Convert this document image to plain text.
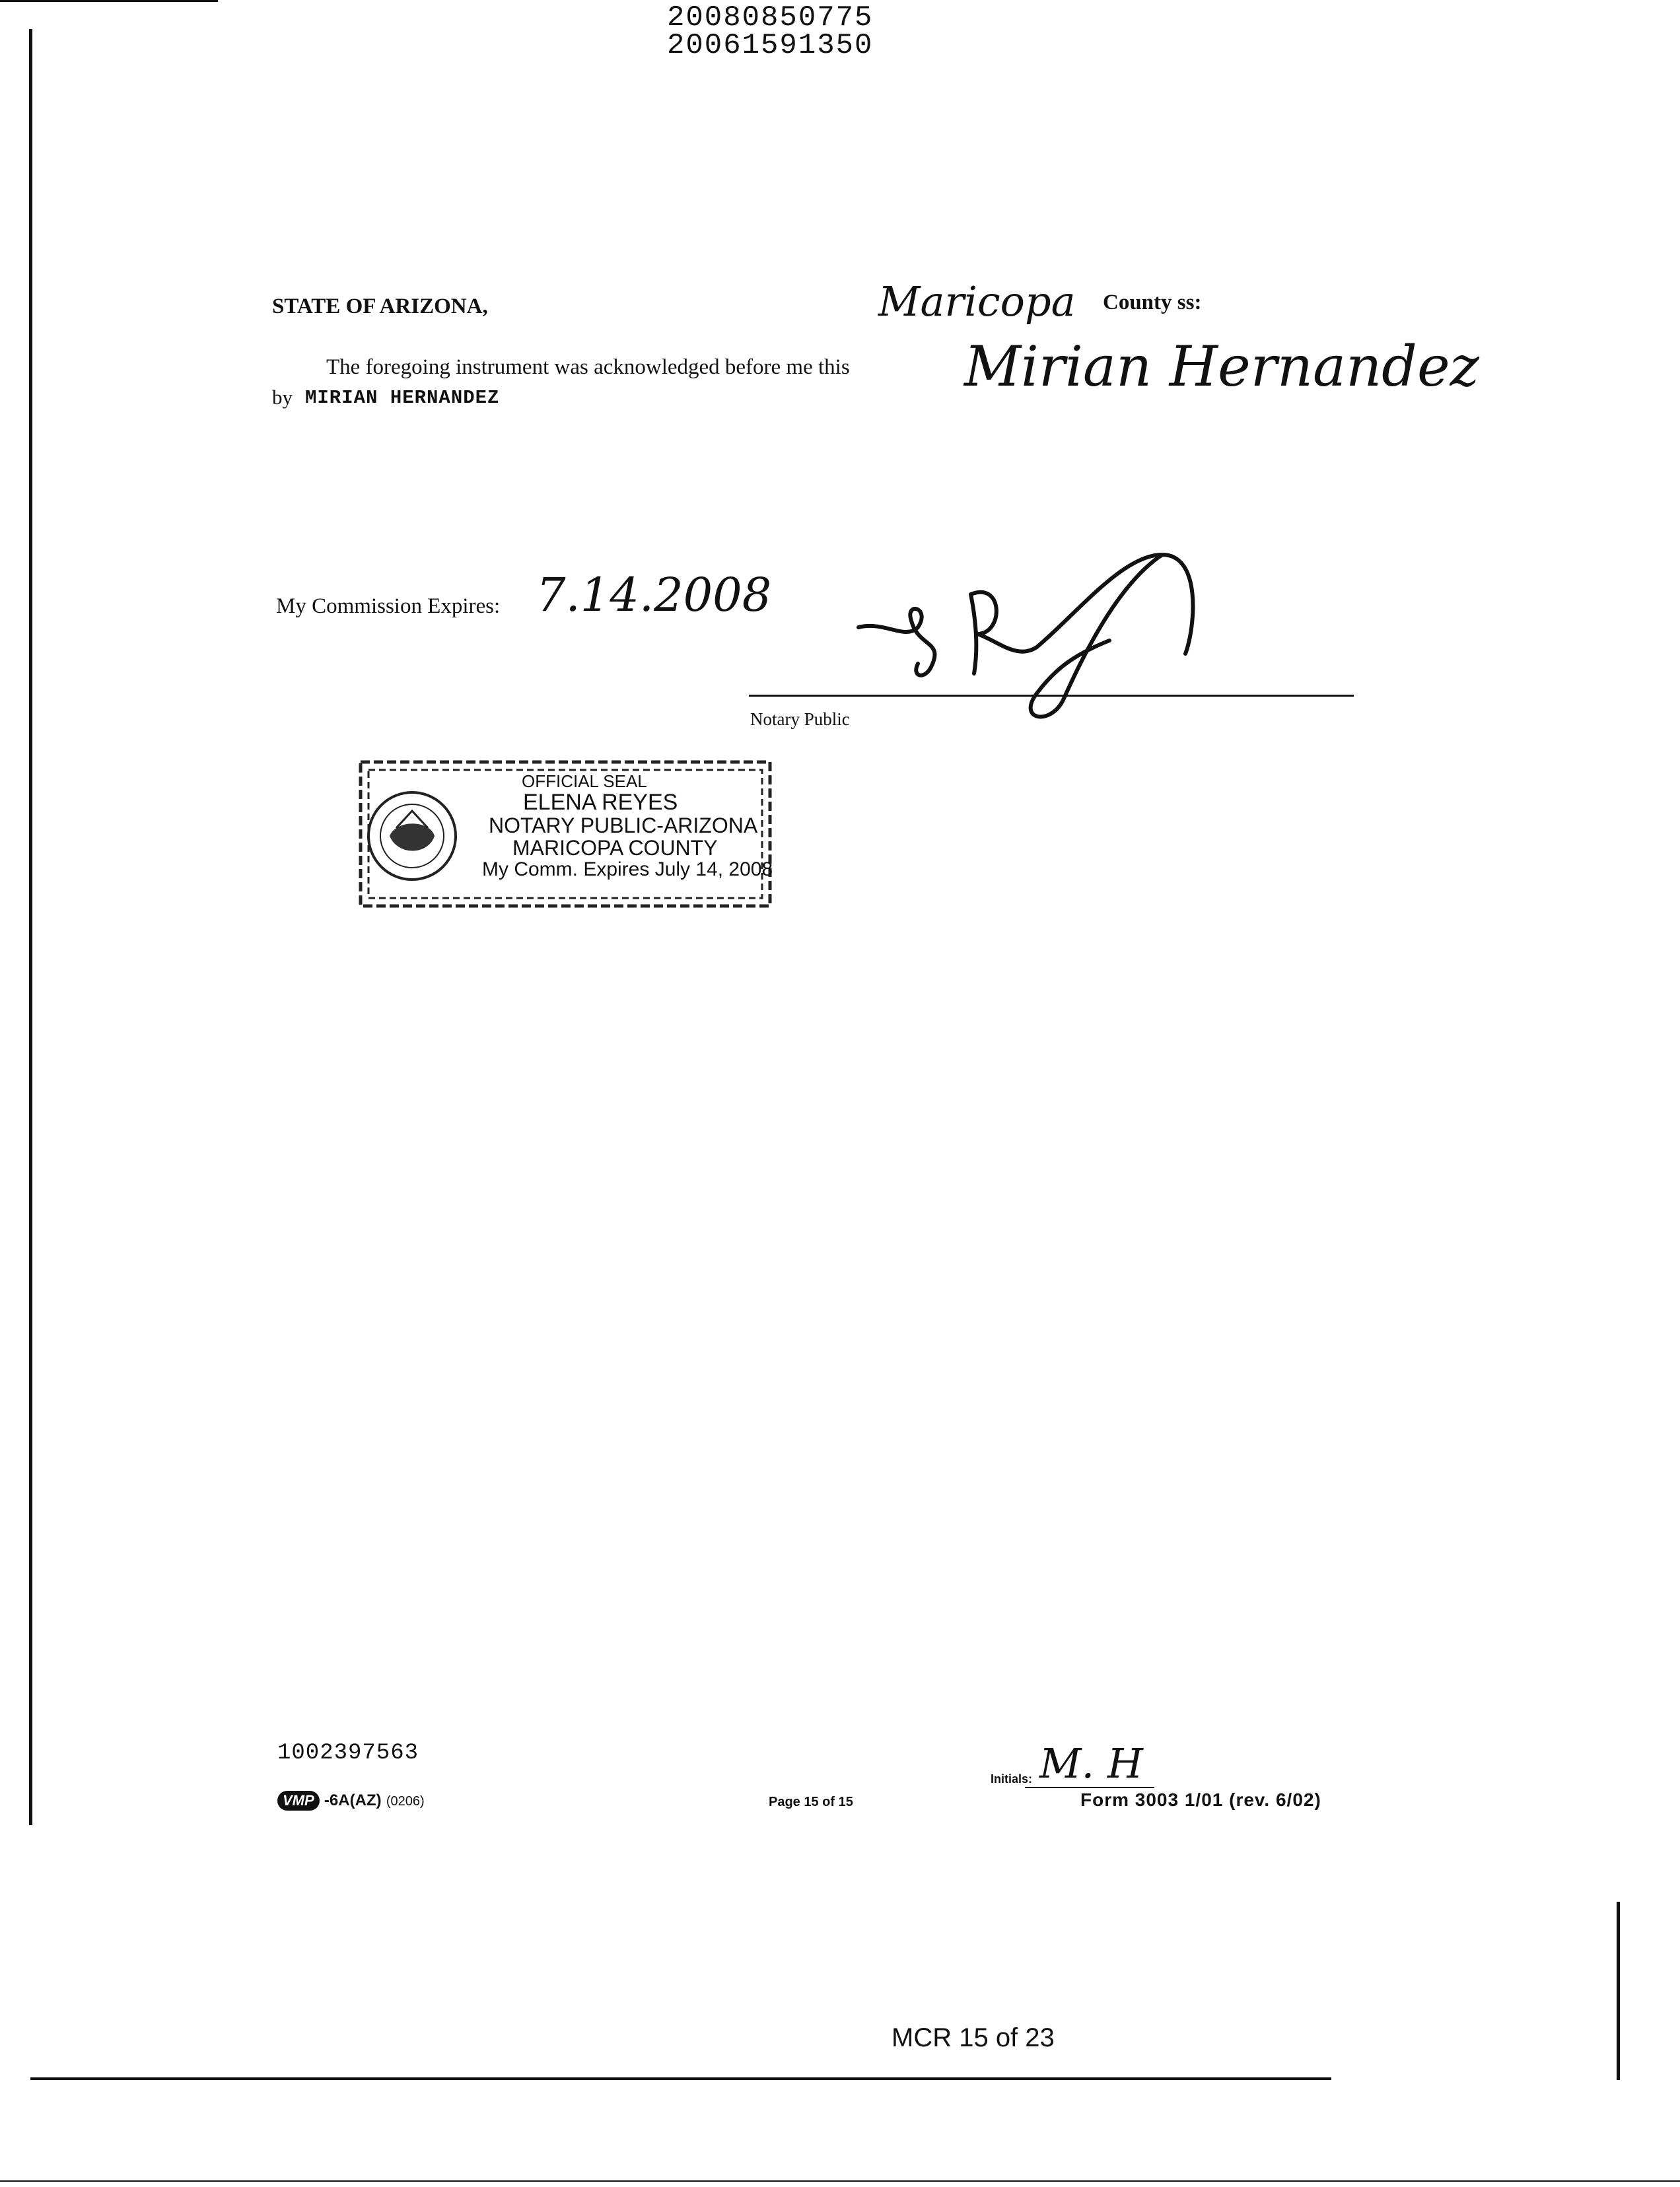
20080850775
20061591350
STATE OF ARIZONA,	Maricopa County ss:
The foregoing instrument was acknowledged before me this Mirian Hernandez
by MIRIAN HERNANDEZ
My Commission Expires: 7.14.2008
Notary Public
OFFICIAL SEAL
ELENA REYES
NOTARY PUBLIC-ARIZONA
MARICOPA COUNTY
My Comm. Expires July 14, 2008
1002397563
VMP -6A(AZ) (0206)	Page 15 of 15
Initials: M. H
Form 3003 1/01 (rev. 6/02)
MCR 15 of 23
